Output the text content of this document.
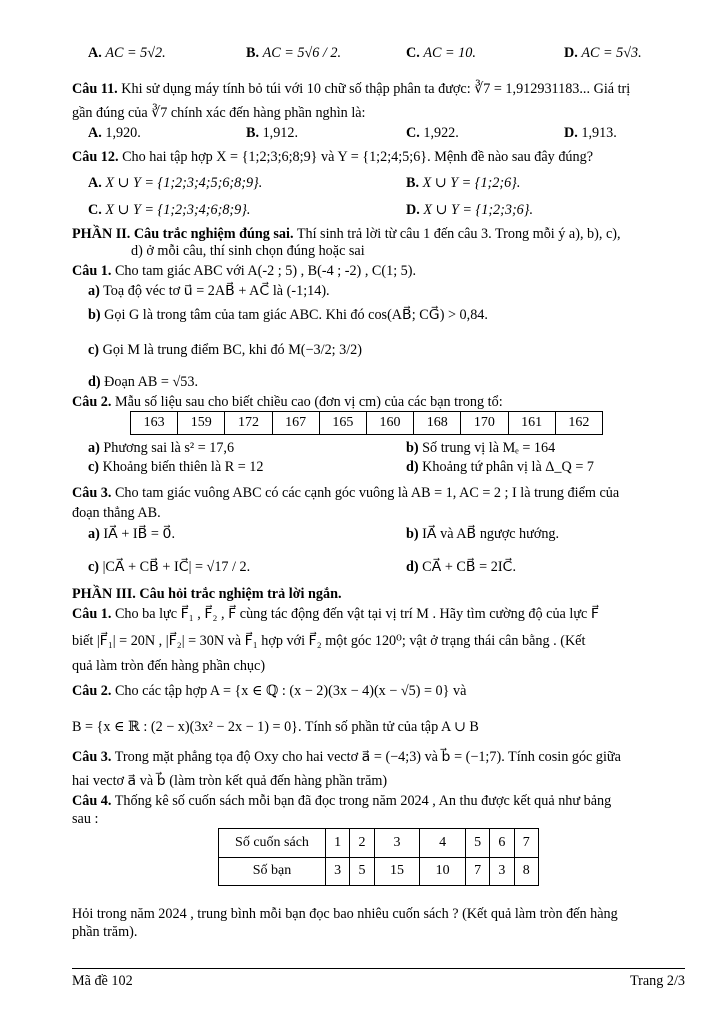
A. AC = 5√2.	B. AC = 5√6 / 2.	C. AC = 10.	D. AC = 5√3.
Câu 11. Khi sử dụng máy tính bỏ túi với 10 chữ số thập phân ta được: ∛7 = 1,912931183... Giá trị
gần đúng của ∛7 chính xác đến hàng phần nghìn là:
A. 1,920.	B. 1,912.	C. 1,922.	D. 1,913.
Câu 12. Cho hai tập hợp X = {1;2;3;6;8;9} và Y = {1;2;4;5;6}. Mệnh đề nào sau đây đúng?
A. X ∪ Y = {1;2;3;4;5;6;8;9}.	B. X ∪ Y = {1;2;6}.
C. X ∪ Y = {1;2;3;4;6;8;9}.	D. X ∪ Y = {1;2;3;6}.
PHẦN II. Câu trắc nghiệm đúng sai. Thí sinh trả lời từ câu 1 đến câu 3. Trong mỗi ý a), b), c),
d) ở mỗi câu, thí sinh chọn đúng hoặc sai
Câu 1. Cho tam giác ABC với A(-2 ; 5) , B(-4 ; -2) , C(1; 5).
a) Toạ độ véc tơ u⃗ = 2AB⃗ + AC⃗ là (-1;14).
b) Gọi G là trong tâm của tam giác ABC. Khi đó cos(AB⃗; CG⃗) > 0,84.
c) Gọi M là trung điểm BC, khi đó M(−3/2; 3/2)
d) Đoạn AB = √53.
Câu 2. Mẫu số liệu sau cho biết chiều cao (đơn vị cm) của các bạn trong tổ:
163	159	172	167	165	160	168	170	161	162
a) Phương sai là s² = 17,6	b) Số trung vị là Mₑ = 164
c) Khoảng biến thiên là R = 12	d) Khoảng tứ phân vị là Δ_Q = 7
Câu 3. Cho tam giác vuông ABC có các cạnh góc vuông là AB = 1, AC = 2 ; I là trung điểm của
đoạn thẳng AB.
a) IA⃗ + IB⃗ = 0⃗.	b) IA⃗ và AB⃗ ngược hướng.
c) |CA⃗ + CB⃗ + IC⃗| = √17 / 2.	d) CA⃗ + CB⃗ = 2IC⃗.
PHẦN III. Câu hỏi trắc nghiệm trả lời ngắn.
Câu 1. Cho ba lực F⃗₁ , F⃗₂ , F⃗ cùng tác động đến vật tại vị trí M . Hãy tìm cường độ của lực F⃗
biết |F⃗₁| = 20N , |F⃗₂| = 30N và F⃗₁ hợp với F⃗₂ một góc 120⁰; vật ở trạng thái cân bằng . (Kết
quả làm tròn đến hàng phần chục)
Câu 2. Cho các tập hợp A = {x ∈ ℚ : (x − 2)(3x − 4)(x − √5) = 0} và
B = {x ∈ ℝ : (2 − x)(3x² − 2x − 1) = 0}. Tính số phần tử của tập A ∪ B
Câu 3. Trong mặt phẳng tọa độ Oxy cho hai vectơ a⃗ = (−4;3) và b⃗ = (−1;7). Tính cosin góc giữa
hai vectơ a⃗ và b⃗ (làm tròn kết quả đến hàng phần trăm)
Câu 4. Thống kê số cuốn sách mỗi bạn đã đọc trong năm 2024 , An thu được kết quả như bảng
sau :
Số cuốn sách	1	2	3	4	5	6	7
Số bạn	3	5	15	10	7	3	8
Hỏi trong năm 2024 , trung bình mỗi bạn đọc bao nhiêu cuốn sách ? (Kết quả làm tròn đến hàng
phần trăm).
Mã đề 102	Trang 2/3
